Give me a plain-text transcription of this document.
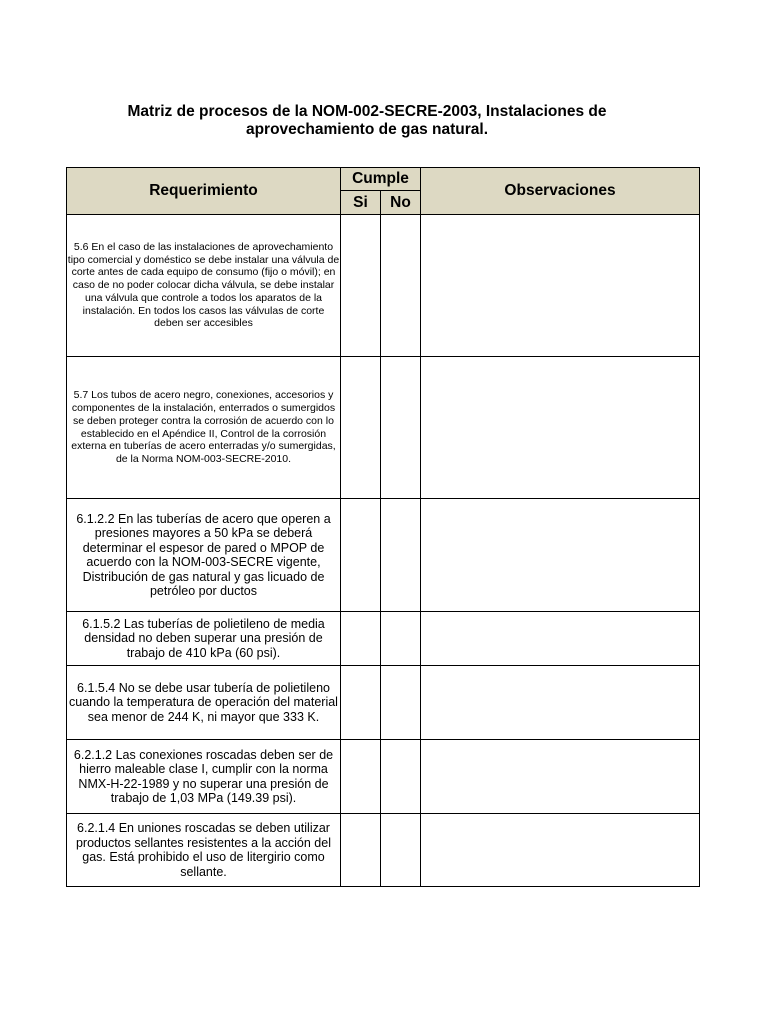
Matriz de procesos de la NOM-002-SECRE-2003, Instalaciones de
aprovechamiento de gas natural.
Requerimiento	Cumple		Observaciones
	Si	No	
5.6 En el caso de las instalaciones de aprovechamiento tipo comercial y doméstico se debe instalar una válvula de corte antes de cada equipo de consumo (fijo o móvil); en caso de no poder colocar dicha válvula, se debe instalar una válvula que controle a todos los aparatos de la instalación. En todos los casos las válvulas de corte deben ser accesibles			
5.7 Los tubos de acero negro, conexiones, accesorios y componentes de la instalación, enterrados o sumergidos se deben proteger contra la corrosión de acuerdo con lo establecido en el Apéndice II, Control de la corrosión externa en tuberías de acero enterradas y/o sumergidas, de la Norma NOM-003-SECRE-2010.			
6.1.2.2 En las tuberías de acero que operen a presiones mayores a 50 kPa se deberá determinar el espesor de pared o MPOP de acuerdo con la NOM-003-SECRE vigente, Distribución de gas natural y gas licuado de petróleo por ductos			
6.1.5.2 Las tuberías de polietileno de media densidad no deben superar una presión de trabajo de 410 kPa (60 psi).			
6.1.5.4 No se debe usar tubería de polietileno cuando la temperatura de operación del material sea menor de 244 K, ni mayor que 333 K.			
6.2.1.2 Las conexiones roscadas deben ser de hierro maleable clase I, cumplir con la norma NMX-H-22-1989 y no superar una presión de trabajo de 1,03 MPa (149.39 psi).			
6.2.1.4 En uniones roscadas se deben utilizar productos sellantes resistentes a la acción del gas. Está prohibido el uso de litergirio como sellante.			
